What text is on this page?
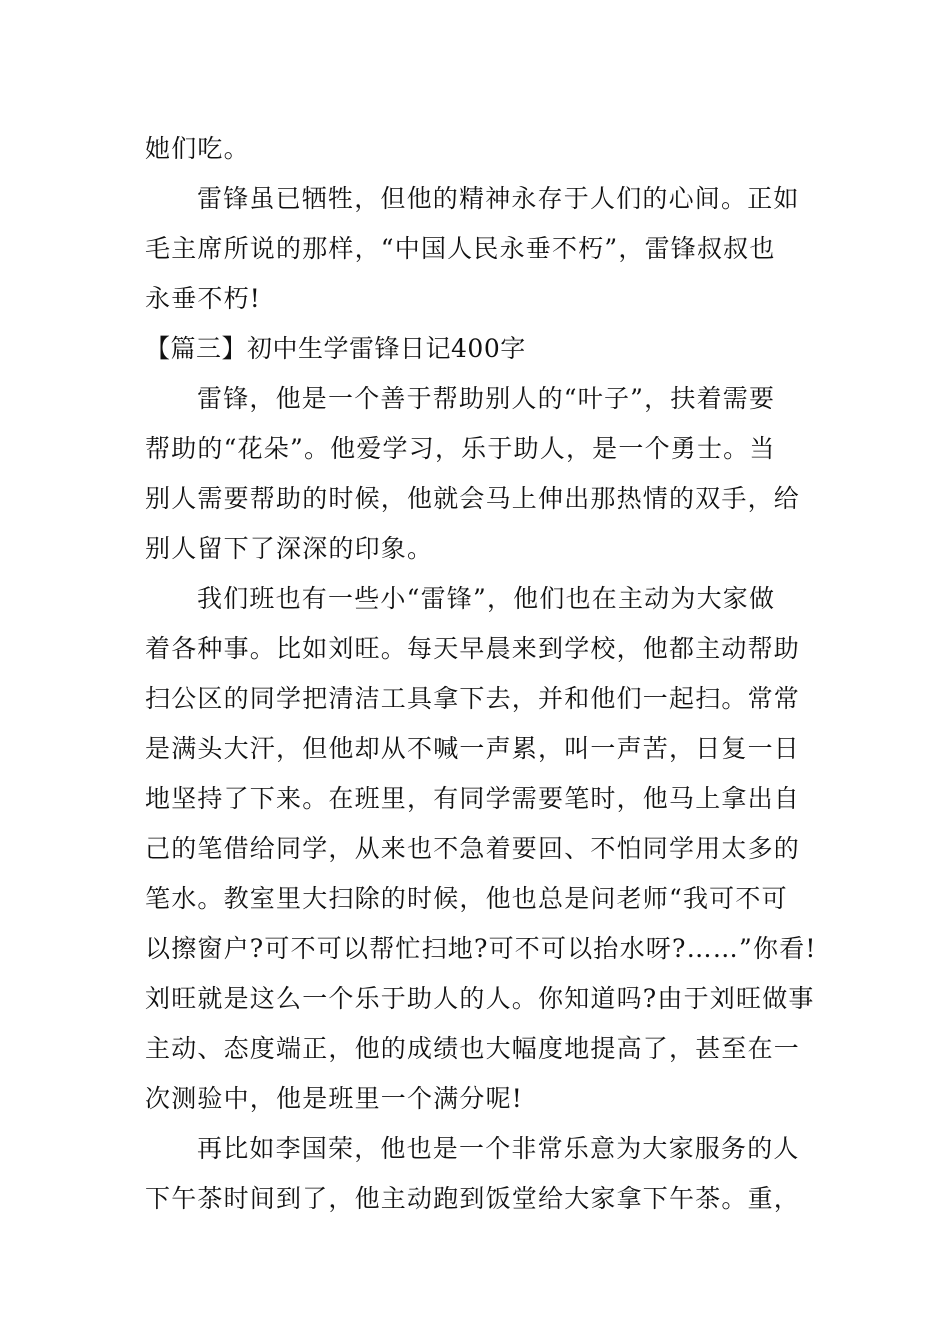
她们吃。
雷锋虽已牺牲，但他的精神永存于人们的心间。正如
毛主席所说的那样，“中国人民永垂不朽”，雷锋叔叔也
永垂不朽!
【篇三】初中生学雷锋日记400字
雷锋，他是一个善于帮助别人的“叶子”，扶着需要
帮助的“花朵”。他爱学习，乐于助人，是一个勇士。当
别人需要帮助的时候，他就会马上伸出那热情的双手，给
别人留下了深深的印象。
我们班也有一些小“雷锋”，他们也在主动为大家做
着各种事。比如刘旺。每天早晨来到学校，他都主动帮助
扫公区的同学把清洁工具拿下去，并和他们一起扫。常常
是满头大汗，但他却从不喊一声累，叫一声苦，日复一日
地坚持了下来。在班里，有同学需要笔时，他马上拿出自
己的笔借给同学，从来也不急着要回、不怕同学用太多的
笔水。教室里大扫除的时候，他也总是问老师“我可不可
以擦窗户?可不可以帮忙扫地?可不可以抬水呀?……”你看!
刘旺就是这么一个乐于助人的人。你知道吗?由于刘旺做事
主动、态度端正，他的成绩也大幅度地提高了，甚至在一
次测验中，他是班里一个满分呢!
再比如李国荣，他也是一个非常乐意为大家服务的人
下午茶时间到了，他主动跑到饭堂给大家拿下午茶。重，
